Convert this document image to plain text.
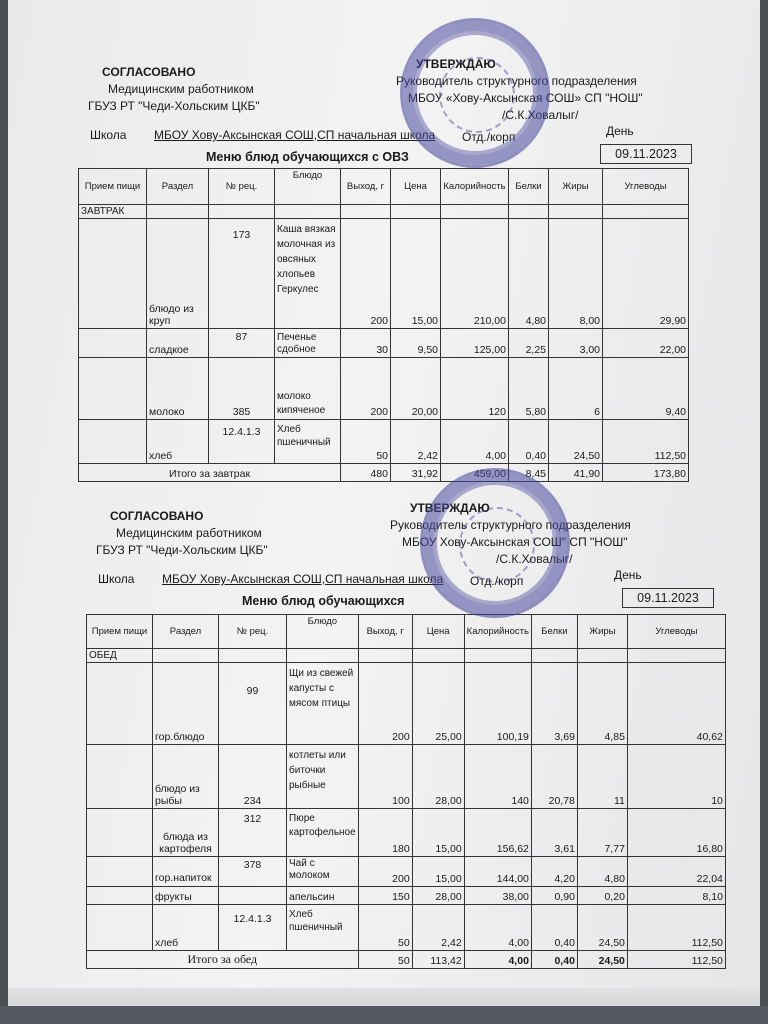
СОГЛАСОВАНО
Медицинским работником
ГБУЗ РТ "Чеди-Хольским ЦКБ"
УТВЕРЖДАЮ
Руководитель структурного подразделения
МБОУ «Хову-Аксынская СОШ» СП "НОШ"
/С.К.Ховалыг/
Школа МБОУ Хову-Аксынская СОШ,СП начальная школа Отд./корп	День
Меню блюд обучающихся с ОВЗ	09.11.2023
Прием пищи	Раздел	№ рец.	Блюдо	Выход, г	Цена	Калорийность	Белки	Жиры	Углеводы
ЗАВТРАК									
	блюдо из круп	173	Каша вязкая молочная из овсяных хлопьев Геркулес	200	15,00	210,00	4,80	8,00	29,90
	сладкое	87	Печенье сдобное	30	9,50	125,00	2,25	3,00	22,00
	молоко	385	молоко кипяченое	200	20,00	120	5,80	6	9,40
	хлеб	12.4.1.3	Хлеб пшеничный	50	2,42	4,00	0,40	24,50	112,50
Итого за завтрак				480	31,92	459,00	8,45	41,90	173,80
СОГЛАСОВАНО
Медицинским работником
ГБУЗ РТ "Чеди-Хольским ЦКБ"
УТВЕРЖДАЮ
Руководитель структурного подразделения
МБОУ Хову-Аксынская СОШ" СП "НОШ"
/С.К.Ховалыг/
Школа МБОУ Хову-Аксынская СОШ,СП начальная школа Отд./корп	День
Меню блюд обучающихся	09.11.2023
Прием пищи	Раздел	№ рец.	Блюдо	Выход, г	Цена	Калорийность	Белки	Жиры	Углеводы
ОБЕД									
	гор.блюдо	99	Щи из свежей капусты с мясом птицы	200	25,00	100,19	3,69	4,85	40,62
	блюдо из рыбы	234	котлеты или биточки рыбные	100	28,00	140	20,78	11	10
	блюда из картофеля	312	Пюре картофельное	180	15,00	156,62	3,61	7,77	16,80
	гор.напиток	378	Чай с молоком	200	15,00	144,00	4,20	4,80	22,04
	фрукты		апельсин	150	28,00	38,00	0,90	0,20	8,10
	хлеб	12.4.1.3	Хлеб пшеничный	50	2,42	4,00	0,40	24,50	112,50
Итого за обед				50	113,42	4,00	0,40	24,50	112,50
